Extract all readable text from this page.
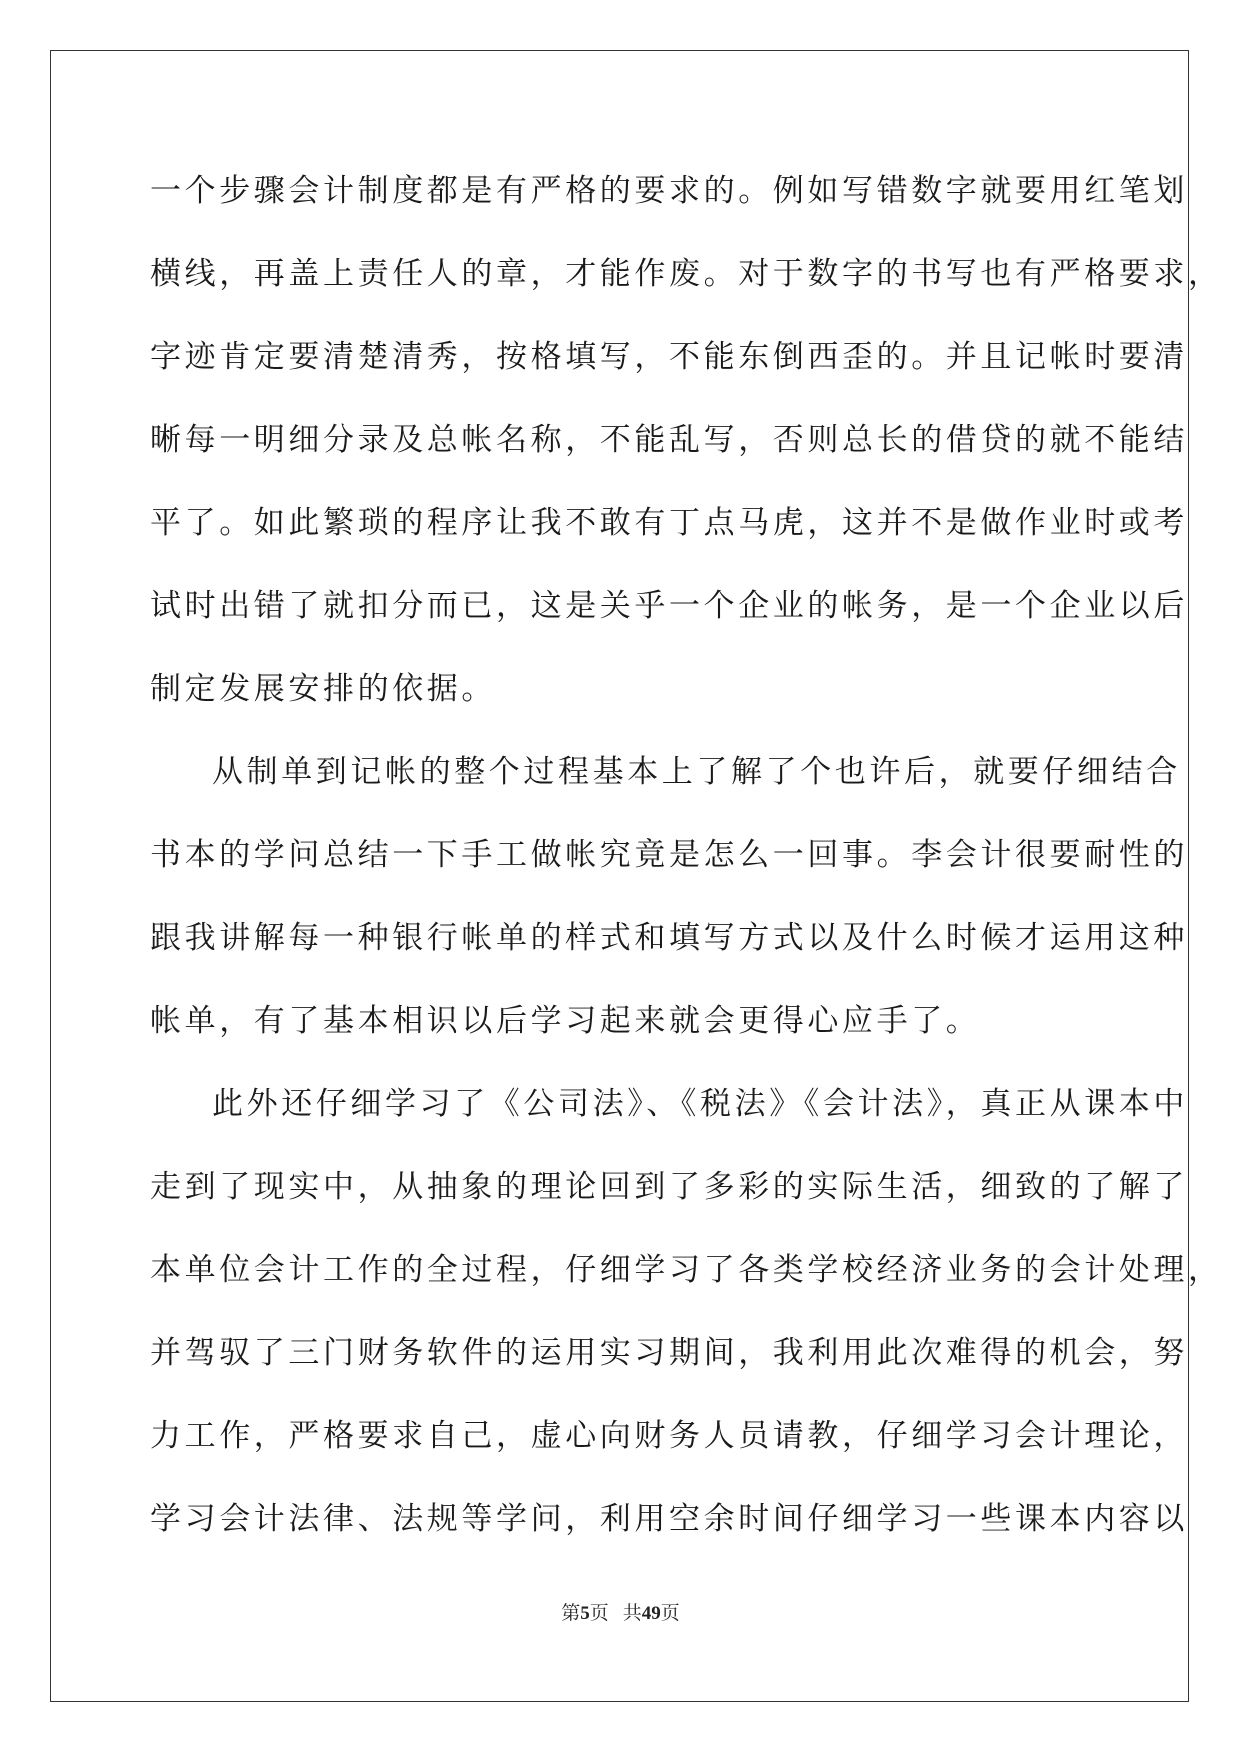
一个步骤会计制度都是有严格的要求的。例如写错数字就要用红笔划
横线，再盖上责任人的章，才能作废。对于数字的书写也有严格要求，
字迹肯定要清楚清秀，按格填写，不能东倒西歪的。并且记帐时要清
晰每一明细分录及总帐名称，不能乱写，否则总长的借贷的就不能结
平了。如此繁琐的程序让我不敢有丁点马虎，这并不是做作业时或考
试时出错了就扣分而已，这是关乎一个企业的帐务，是一个企业以后
制定发展安排的依据。
从制单到记帐的整个过程基本上了解了个也许后，就要仔细结合
书本的学问总结一下手工做帐究竟是怎么一回事。李会计很要耐性的
跟我讲解每一种银行帐单的样式和填写方式以及什么时候才运用这种
帐单，有了基本相识以后学习起来就会更得心应手了。
此外还仔细学习了《公司法》、《税法》《会计法》，真正从课本中
走到了现实中，从抽象的理论回到了多彩的实际生活，细致的了解了
本单位会计工作的全过程，仔细学习了各类学校经济业务的会计处理，
并驾驭了三门财务软件的运用实习期间，我利用此次难得的机会，努
力工作，严格要求自己，虚心向财务人员请教，仔细学习会计理论，
学习会计法律、法规等学问，利用空余时间仔细学习一些课本内容以
第5页 共49页
